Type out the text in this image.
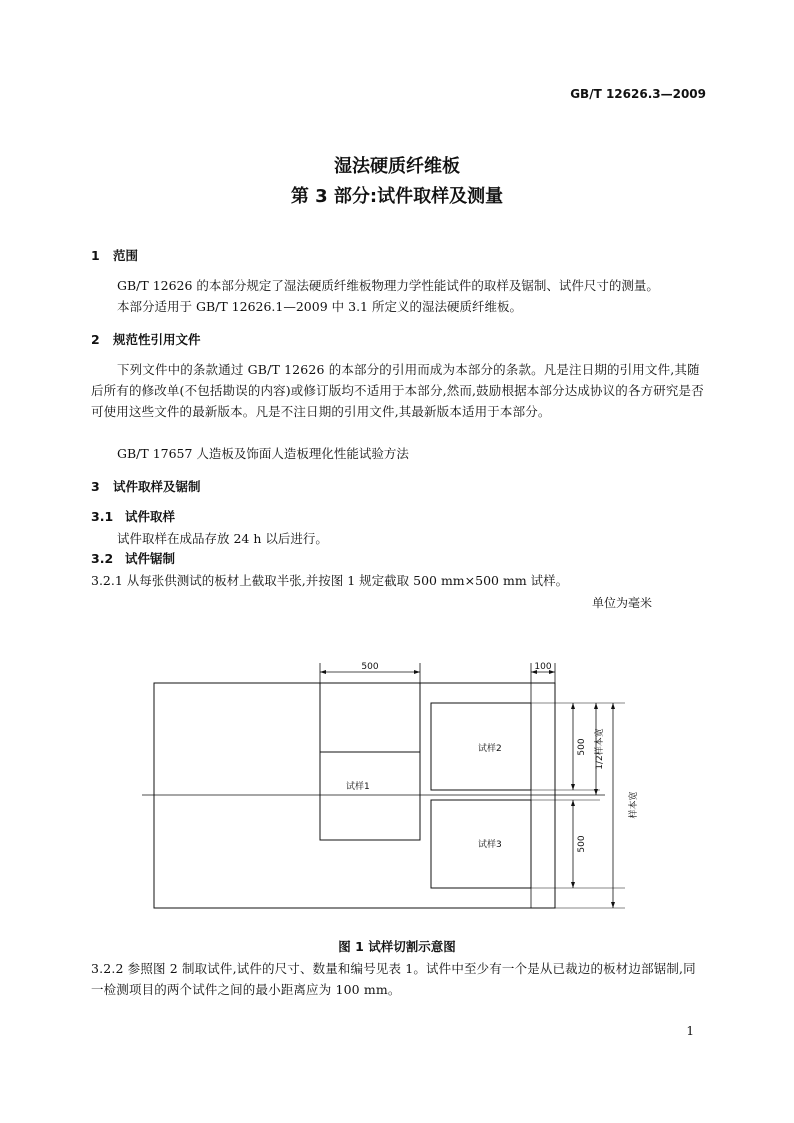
GB/T 12626.3—2009
湿法硬质纤维板
第 3 部分:试件取样及测量
1 范围
GB/T 12626 的本部分规定了湿法硬质纤维板物理力学性能试件的取样及锯制、试件尺寸的测量。
本部分适用于 GB/T 12626.1—2009 中 3.1 所定义的湿法硬质纤维板。
2 规范性引用文件
下列文件中的条款通过 GB/T 12626 的本部分的引用而成为本部分的条款。凡是注日期的引用文件,其随后所有的修改单(不包括勘误的内容)或修订版均不适用于本部分,然而,鼓励根据本部分达成协议的各方研究是否可使用这些文件的最新版本。凡是不注日期的引用文件,其最新版本适用于本部分。
GB/T 17657 人造板及饰面人造板理化性能试验方法
3 试件取样及锯制
3.1 试件取样
试件取样在成品存放 24 h 以后进行。
3.2 试件锯制
3.2.1 从每张供测试的板材上截取半张,并按图 1 规定截取 500 mm×500 mm 试样。
单位为毫米
500	100
试样1
试样2
试样3
500
500
1/2样本宽
样本宽
图 1 试样切割示意图
3.2.2 参照图 2 制取试件,试件的尺寸、数量和编号见表 1。试件中至少有一个是从已裁边的板材边部锯制,同一检测项目的两个试件之间的最小距离应为 100 mm。
1
